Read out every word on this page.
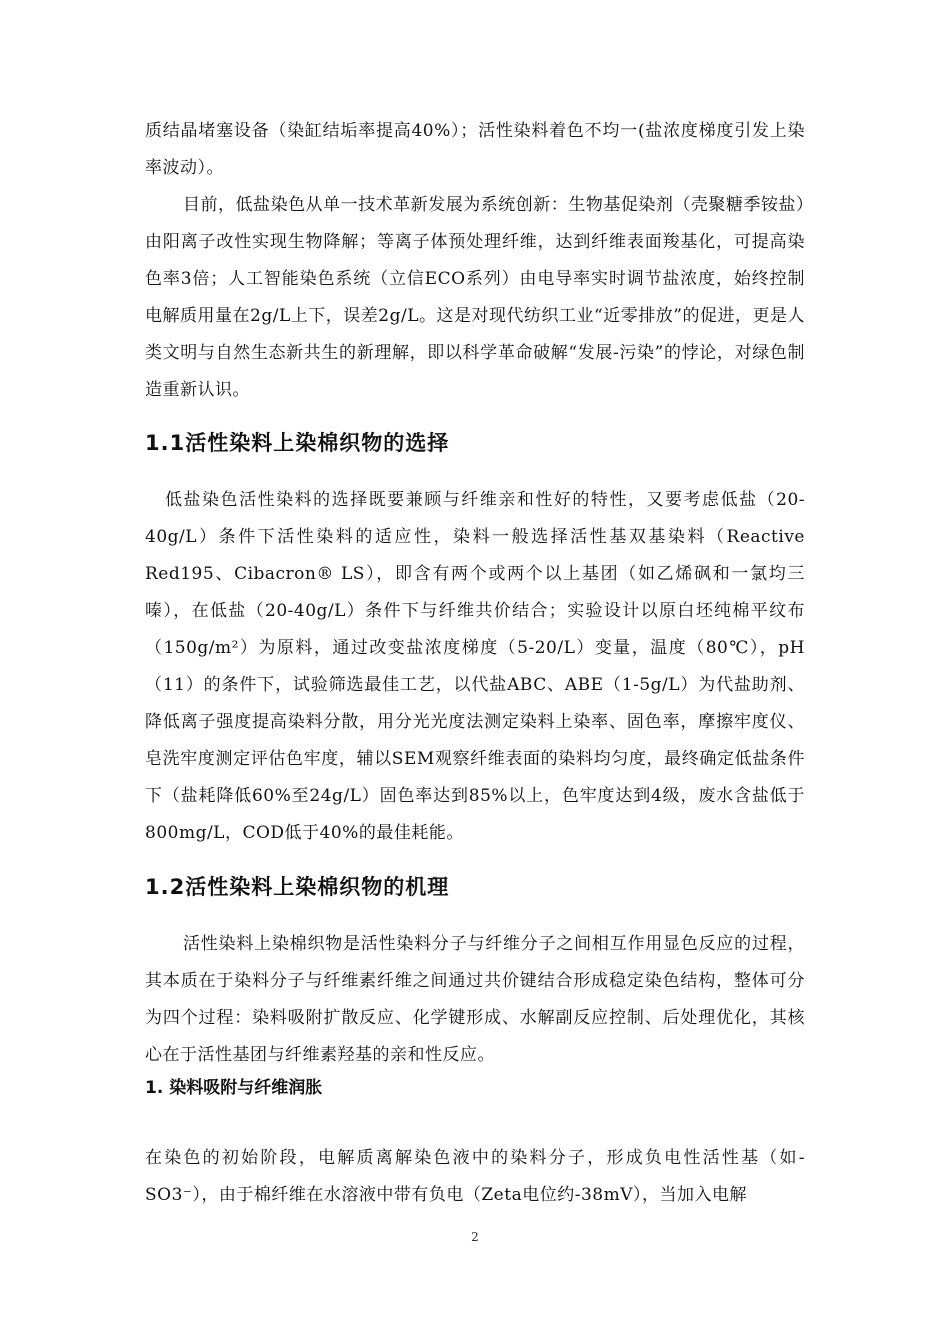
质结晶堵塞设备（染缸结垢率提高40%）；活性染料着色不均一(盐浓度梯度引发上染率波动）。

目前，低盐染色从单一技术革新发展为系统创新：生物基促染剂（壳聚糖季铵盐）由阳离子改性实现生物降解；等离子体预处理纤维，达到纤维表面羧基化，可提高染色率3倍；人工智能染色系统（立信ECO系列）由电导率实时调节盐浓度，始终控制电解质用量在2g/L上下，误差2g/L。这是对现代纺织工业“近零排放”的促进，更是人类文明与自然生态新共生的新理解，即以科学革命破解“发展-污染”的悖论，对绿色制造重新认识。

1.1活性染料上染棉织物的选择

低盐染色活性染料的选择既要兼顾与纤维亲和性好的特性，又要考虑低盐（20-40g/L）条件下活性染料的适应性，染料一般选择活性基双基染料（Reactive Red195、Cibacron® LS），即含有两个或两个以上基团（如乙烯砜和一氯均三嗪），在低盐（20-40g/L）条件下与纤维共价结合；实验设计以原白坯纯棉平纹布（150g/m²）为原料，通过改变盐浓度梯度（5-20/L）变量，温度（80℃），pH（11）的条件下，试验筛选最佳工艺，以代盐ABC、ABE（1-5g/L）为代盐助剂、降低离子强度提高染料分散，用分光光度法测定染料上染率、固色率，摩擦牢度仪、皂洗牢度测定评估色牢度，辅以SEM观察纤维表面的染料均匀度，最终确定低盐条件下（盐耗降低60%至24g/L）固色率达到85%以上，色牢度达到4级，废水含盐低于800mg/L，COD低于40%的最佳耗能。

1.2活性染料上染棉织物的机理

活性染料上染棉织物是活性染料分子与纤维分子之间相互作用显色反应的过程，其本质在于染料分子与纤维素纤维之间通过共价键结合形成稳定染色结构，整体可分为四个过程：染料吸附扩散反应、化学键形成、水解副反应控制、后处理优化，其核心在于活性基团与纤维素羟基的亲和性反应。

1. 染料吸附与纤维润胀

在染色的初始阶段，电解质离解染色液中的染料分子，形成负电性活性基（如-SO3⁻），由于棉纤维在水溶液中带有负电（Zeta电位约-38mV），当加入电解

2
